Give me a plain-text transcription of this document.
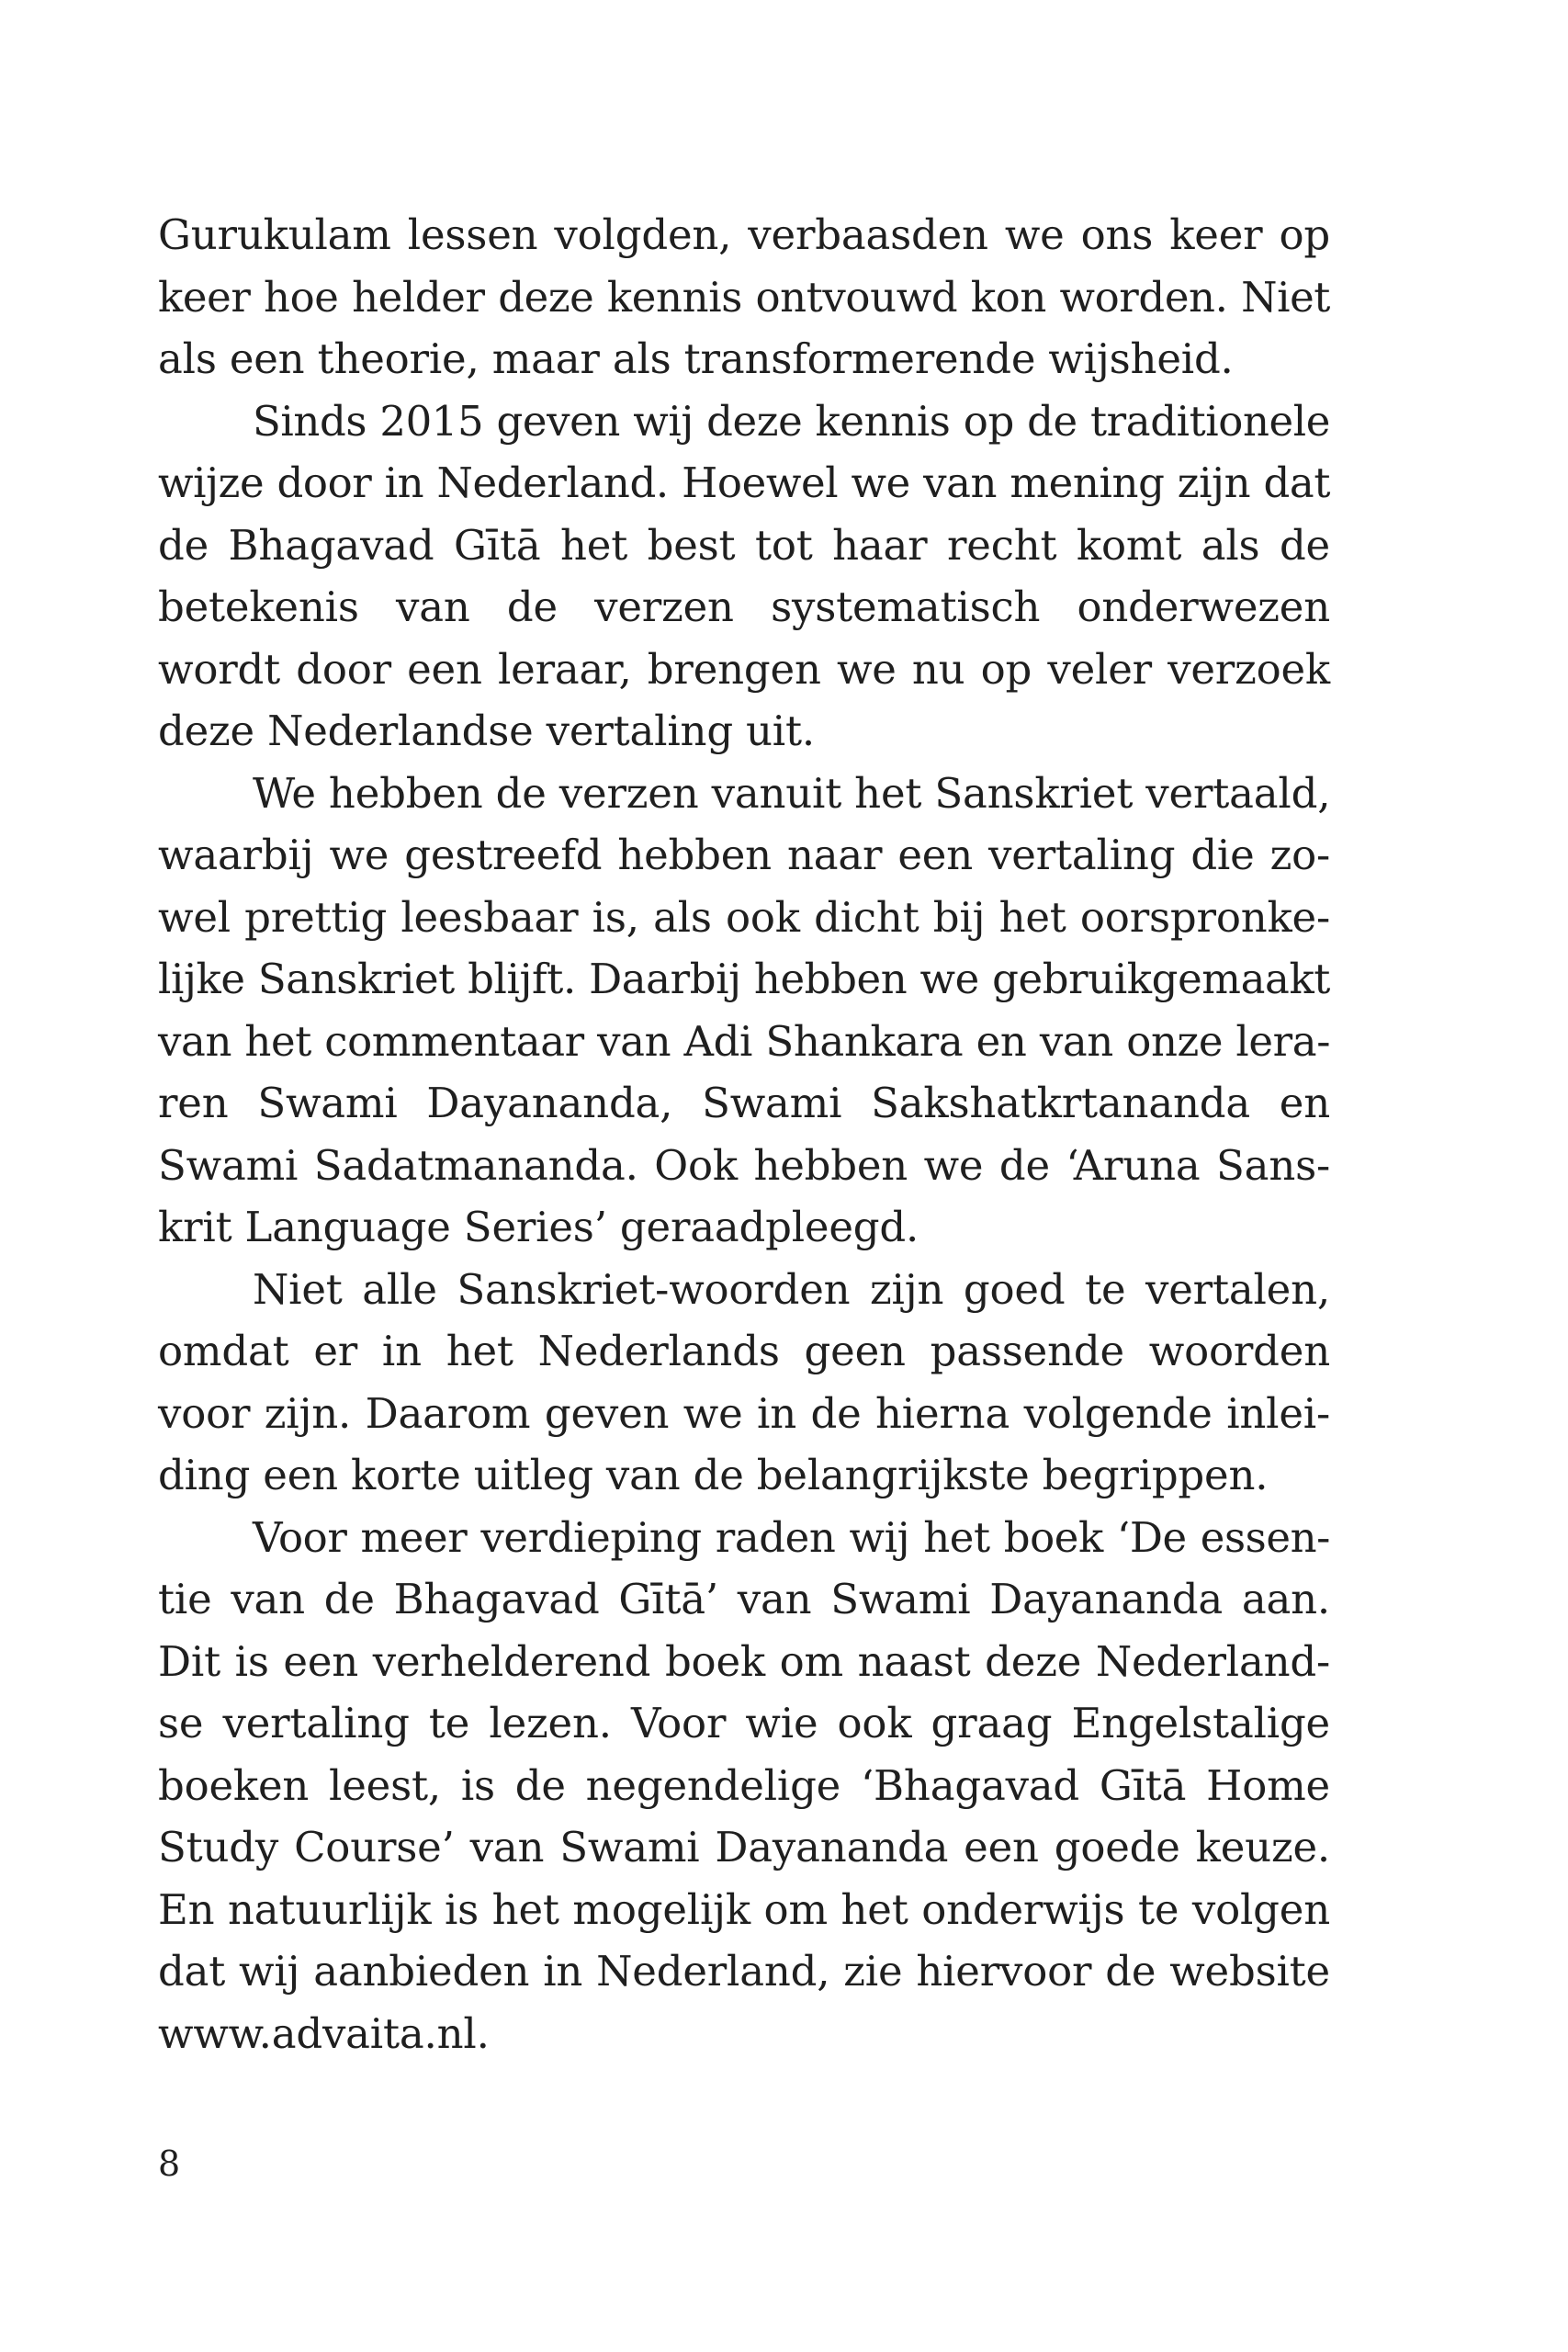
Gurukulam lessen volgden, verbaasden we ons keer op
keer hoe helder deze kennis ontvouwd kon worden. Niet
als een theorie, maar als transformerende wijsheid.
Sinds 2015 geven wij deze kennis op de traditionele
wijze door in Nederland. Hoewel we van mening zijn dat
de Bhagavad Gītā het best tot haar recht komt als de
betekenis van de verzen systematisch onderwezen
wordt door een leraar, brengen we nu op veler verzoek
deze Nederlandse vertaling uit.
We hebben de verzen vanuit het Sanskriet vertaald,
waarbij we gestreefd hebben naar een vertaling die zo-
wel prettig leesbaar is, als ook dicht bij het oorspronke-
lijke Sanskriet blijft. Daarbij hebben we gebruikgemaakt
van het commentaar van Adi Shankara en van onze lera-
ren Swami Dayananda, Swami Sakshatkrtananda en
Swami Sadatmananda. Ook hebben we de ‘Aruna Sans-
krit Language Series’ geraadpleegd.
Niet alle Sanskriet-woorden zijn goed te vertalen,
omdat er in het Nederlands geen passende woorden
voor zijn. Daarom geven we in de hierna volgende inlei-
ding een korte uitleg van de belangrijkste begrippen.
Voor meer verdieping raden wij het boek ‘De essen-
tie van de Bhagavad Gītā’ van Swami Dayananda aan.
Dit is een verhelderend boek om naast deze Nederland-
se vertaling te lezen. Voor wie ook graag Engelstalige
boeken leest, is de negendelige ‘Bhagavad Gītā Home
Study Course’ van Swami Dayananda een goede keuze.
En natuurlijk is het mogelijk om het onderwijs te volgen
dat wij aanbieden in Nederland, zie hiervoor de website
www.advaita.nl.
8
